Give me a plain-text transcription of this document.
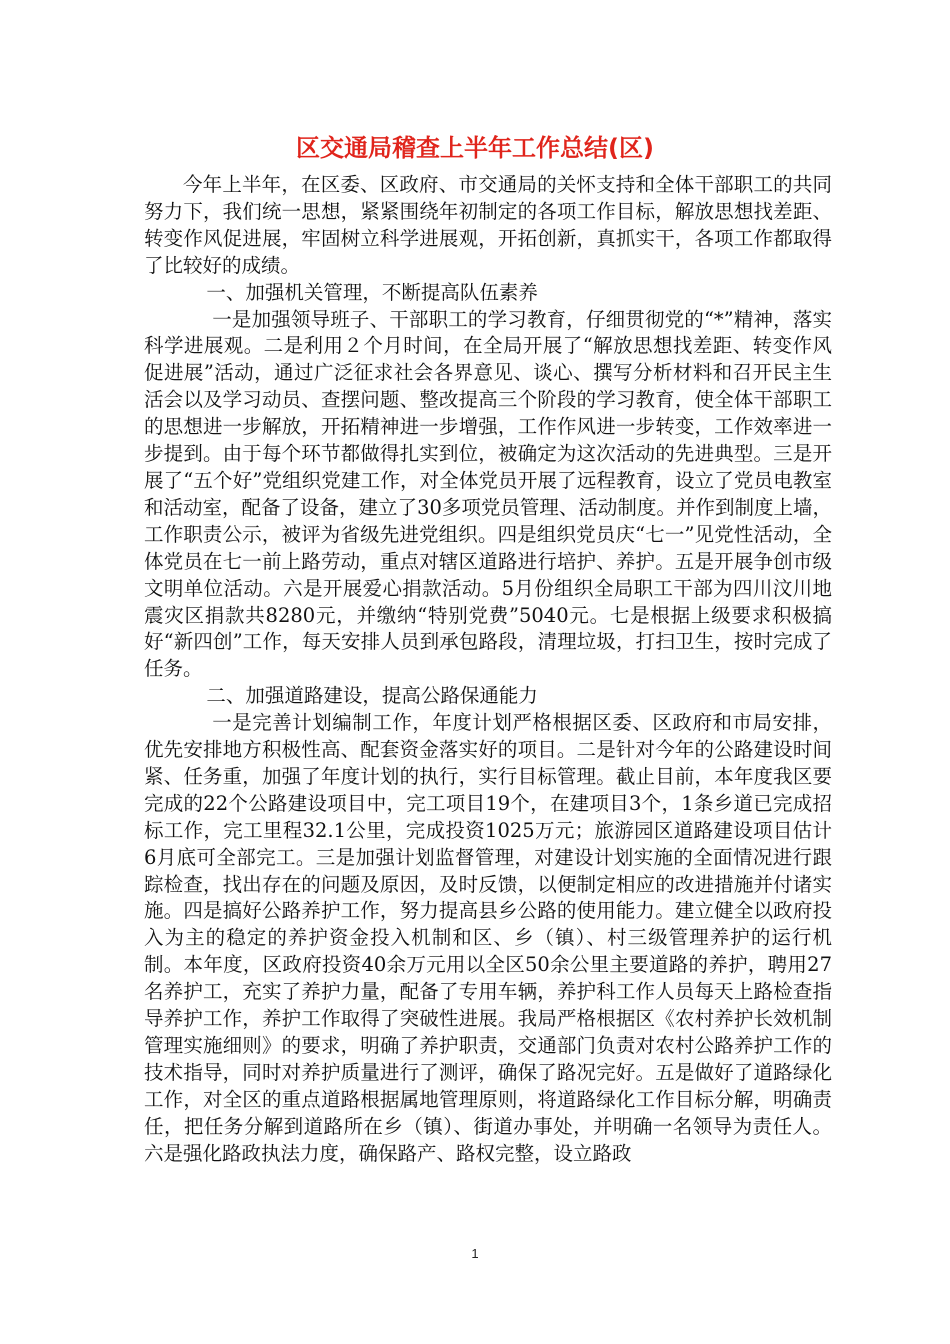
区交通局稽查上半年工作总结(区)

今年上半年，在区委、区政府、市交通局的关怀支持和全体干部职工的共同努力下，我们统一思想，紧紧围绕年初制定的各项工作目标，解放思想找差距、转变作风促进展，牢固树立科学进展观，开拓创新，真抓实干，各项工作都取得了比较好的成绩。

一、加强机关管理，不断提高队伍素养

一是加强领导班子、干部职工的学习教育，仔细贯彻党的“*”精神，落实科学进展观。二是利用２个月时间，在全局开展了“解放思想找差距、转变作风促进展”活动，通过广泛征求社会各界意见、谈心、撰写分析材料和召开民主生活会以及学习动员、查摆问题、整改提高三个阶段的学习教育，使全体干部职工的思想进一步解放，开拓精神进一步增强，工作作风进一步转变，工作效率进一步提到。由于每个环节都做得扎实到位，被确定为这次活动的先进典型。三是开展了“五个好”党组织党建工作，对全体党员开展了远程教育，设立了党员电教室和活动室，配备了设备，建立了30多项党员管理、活动制度。并作到制度上墙，工作职责公示，被评为省级先进党组织。四是组织党员庆“七一”见党性活动，全体党员在七一前上路劳动，重点对辖区道路进行培护、养护。五是开展争创市级文明单位活动。六是开展爱心捐款活动。5月份组织全局职工干部为四川汶川地震灾区捐款共8280元，并缴纳“特别党费”5040元。七是根据上级要求积极搞好“新四创”工作，每天安排人员到承包路段，清理垃圾，打扫卫生，按时完成了任务。

二、加强道路建设，提高公路保通能力

一是完善计划编制工作，年度计划严格根据区委、区政府和市局安排，优先安排地方积极性高、配套资金落实好的项目。二是针对今年的公路建设时间紧、任务重，加强了年度计划的执行，实行目标管理。截止目前，本年度我区要完成的22个公路建设项目中，完工项目19个，在建项目3个，1条乡道已完成招标工作，完工里程32.1公里，完成投资1025万元；旅游园区道路建设项目估计6月底可全部完工。三是加强计划监督管理，对建设计划实施的全面情况进行跟踪检查，找出存在的问题及原因，及时反馈，以便制定相应的改进措施并付诸实施。四是搞好公路养护工作，努力提高县乡公路的使用能力。建立健全以政府投入为主的稳定的养护资金投入机制和区、乡（镇）、村三级管理养护的运行机制。本年度，区政府投资40余万元用以全区50余公里主要道路的养护，聘用27名养护工，充实了养护力量，配备了专用车辆，养护科工作人员每天上路检查指导养护工作，养护工作取得了突破性进展。我局严格根据区《农村养护长效机制管理实施细则》的要求，明确了养护职责，交通部门负责对农村公路养护工作的技术指导，同时对养护质量进行了测评，确保了路况完好。五是做好了道路绿化工作，对全区的重点道路根据属地管理原则，将道路绿化工作目标分解，明确责任，把任务分解到道路所在乡（镇）、街道办事处，并明确一名领导为责任人。六是强化路政执法力度，确保路产、路权完整，设立路政

1
